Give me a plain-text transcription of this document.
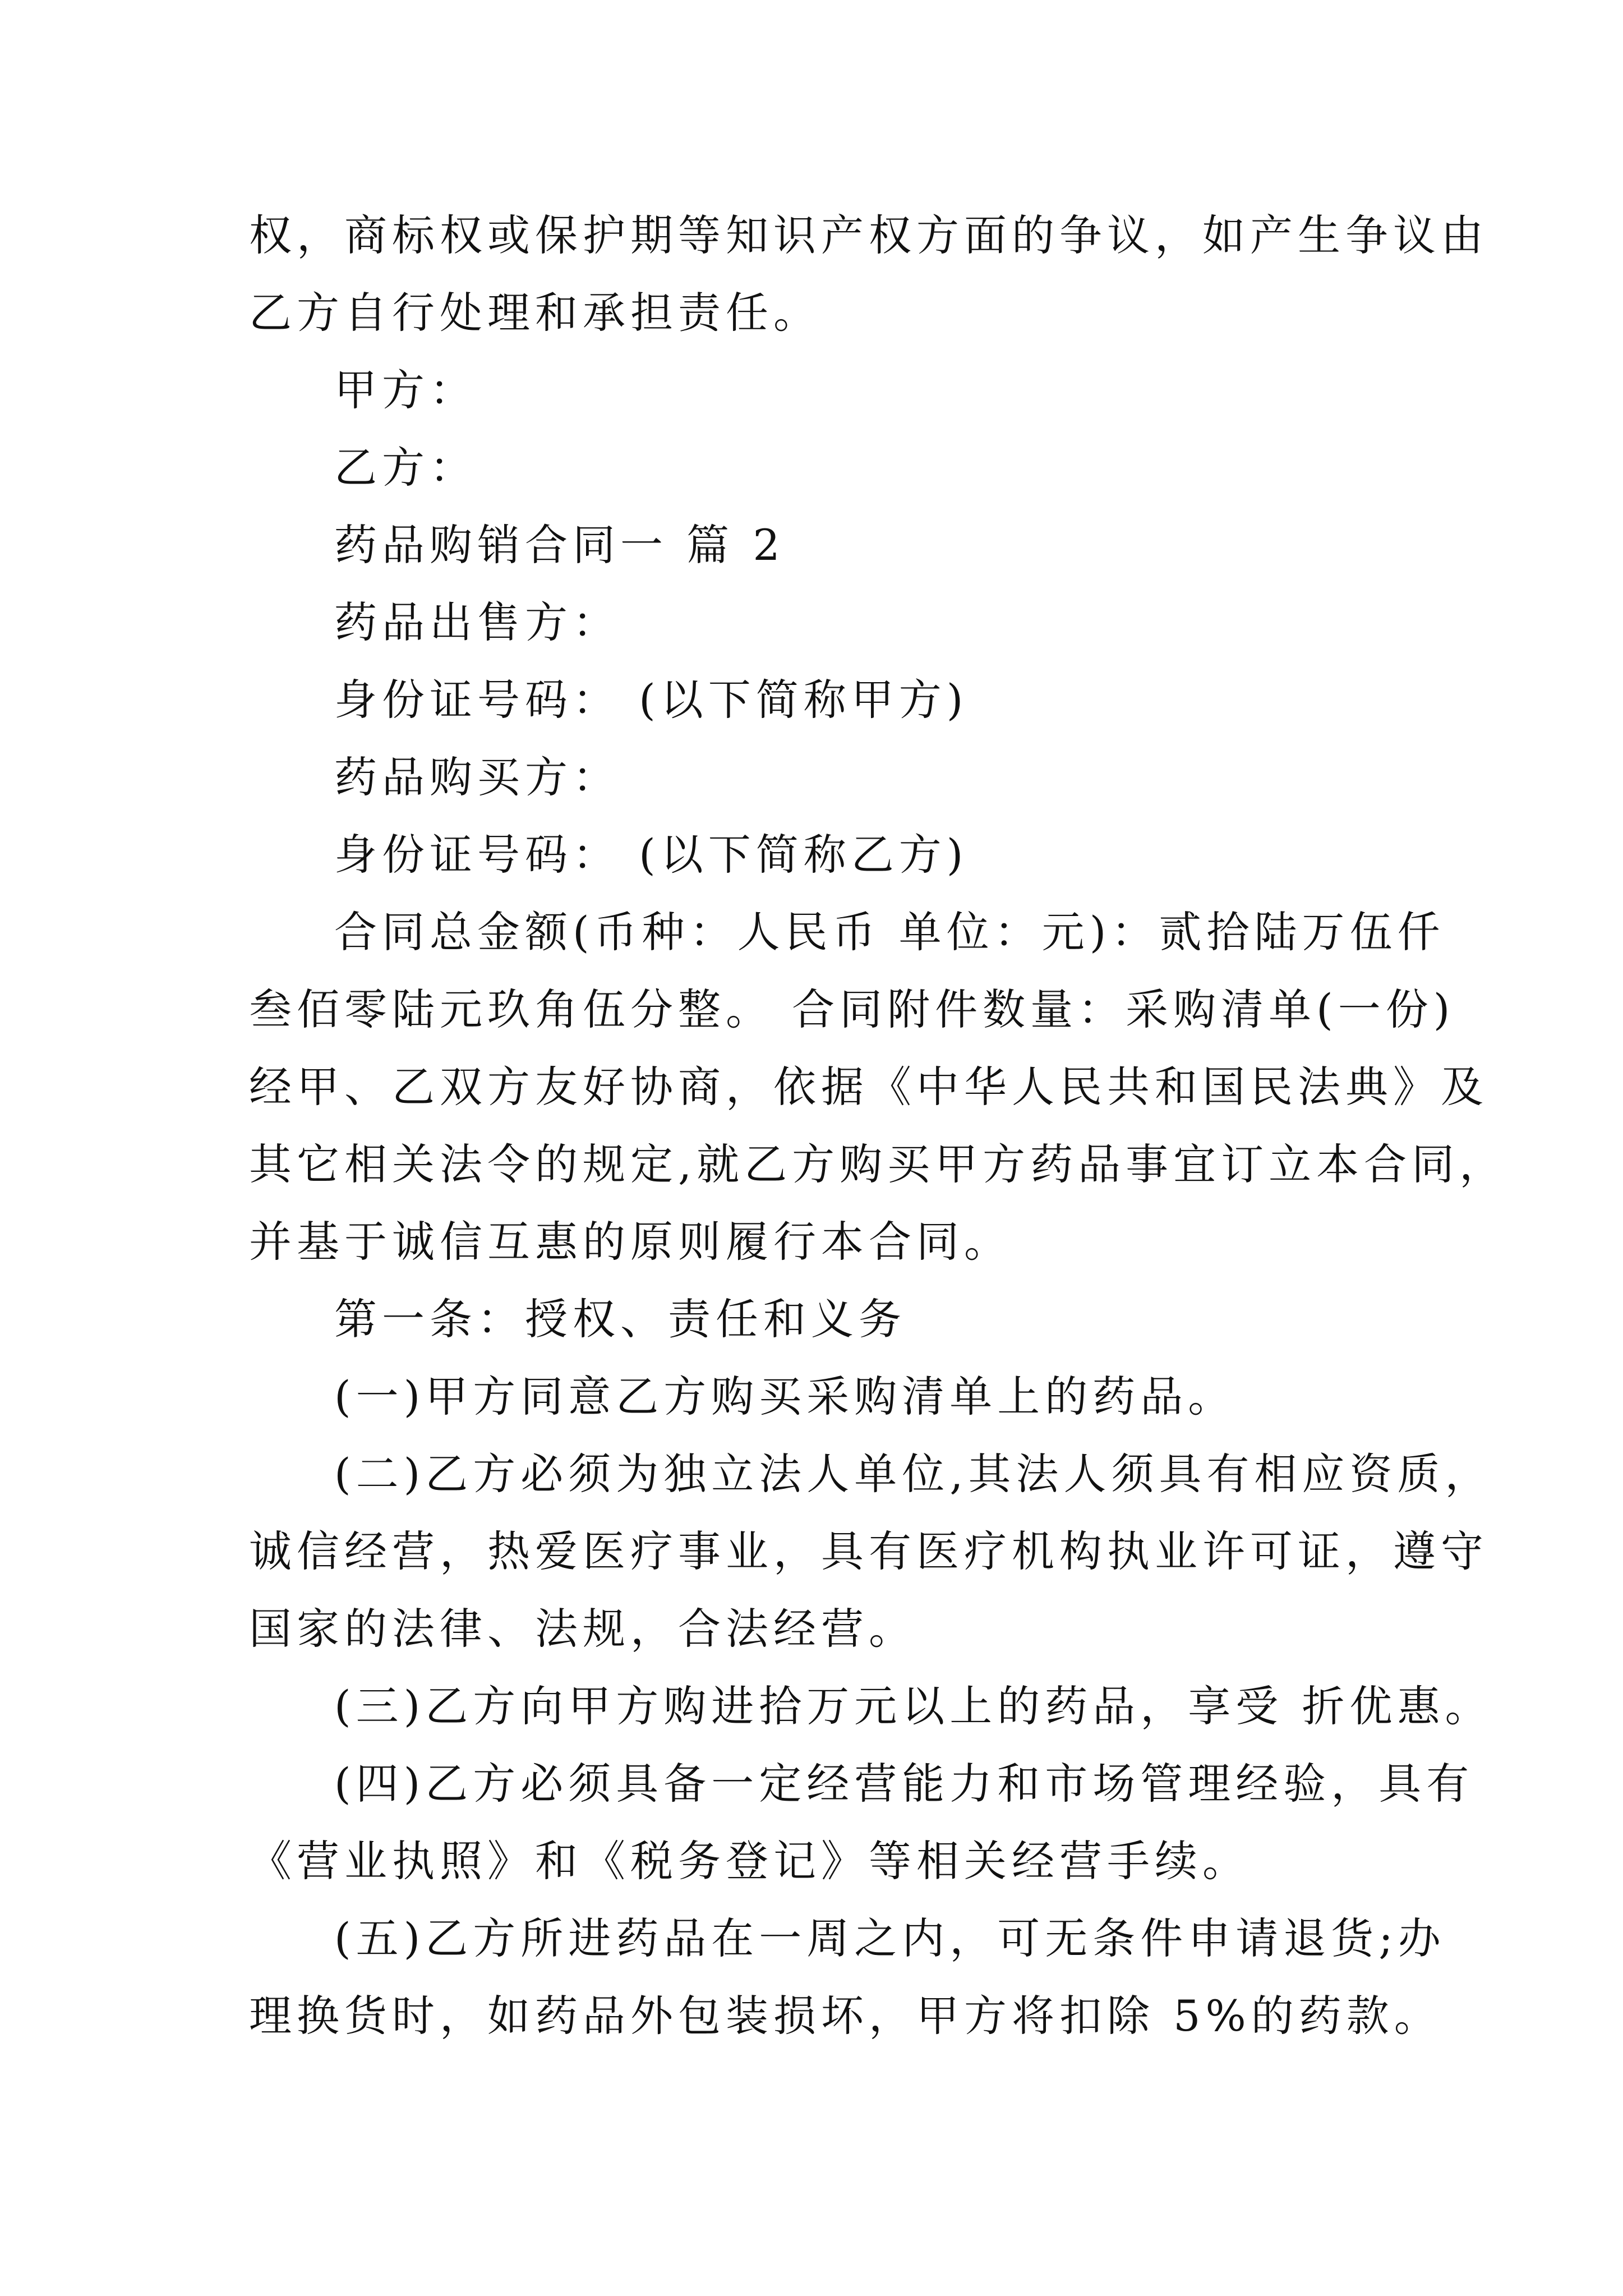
权，商标权或保护期等知识产权方面的争议，如产生争议由
乙方自行处理和承担责任。
甲方：
乙方：
药品购销合同一 篇 2
药品出售方：
身份证号码： (以下简称甲方)
药品购买方：
身份证号码： (以下简称乙方)
合同总金额(币种：人民币 单位：元)：贰拾陆万伍仟
叁佰零陆元玖角伍分整。 合同附件数量：采购清单(一份)
经甲、乙双方友好协商，依据《中华人民共和国民法典》及
其它相关法令的规定,就乙方购买甲方药品事宜订立本合同，
并基于诚信互惠的原则履行本合同。
第一条：授权、责任和义务
(一)甲方同意乙方购买采购清单上的药品。
(二)乙方必须为独立法人单位,其法人须具有相应资质，
诚信经营，热爱医疗事业，具有医疗机构执业许可证，遵守
国家的法律、法规，合法经营。
(三)乙方向甲方购进拾万元以上的药品，享受 折优惠。
(四)乙方必须具备一定经营能力和市场管理经验，具有
《营业执照》和《税务登记》等相关经营手续。
(五)乙方所进药品在一周之内，可无条件申请退货;办
理换货时，如药品外包装损坏，甲方将扣除 5%的药款。
